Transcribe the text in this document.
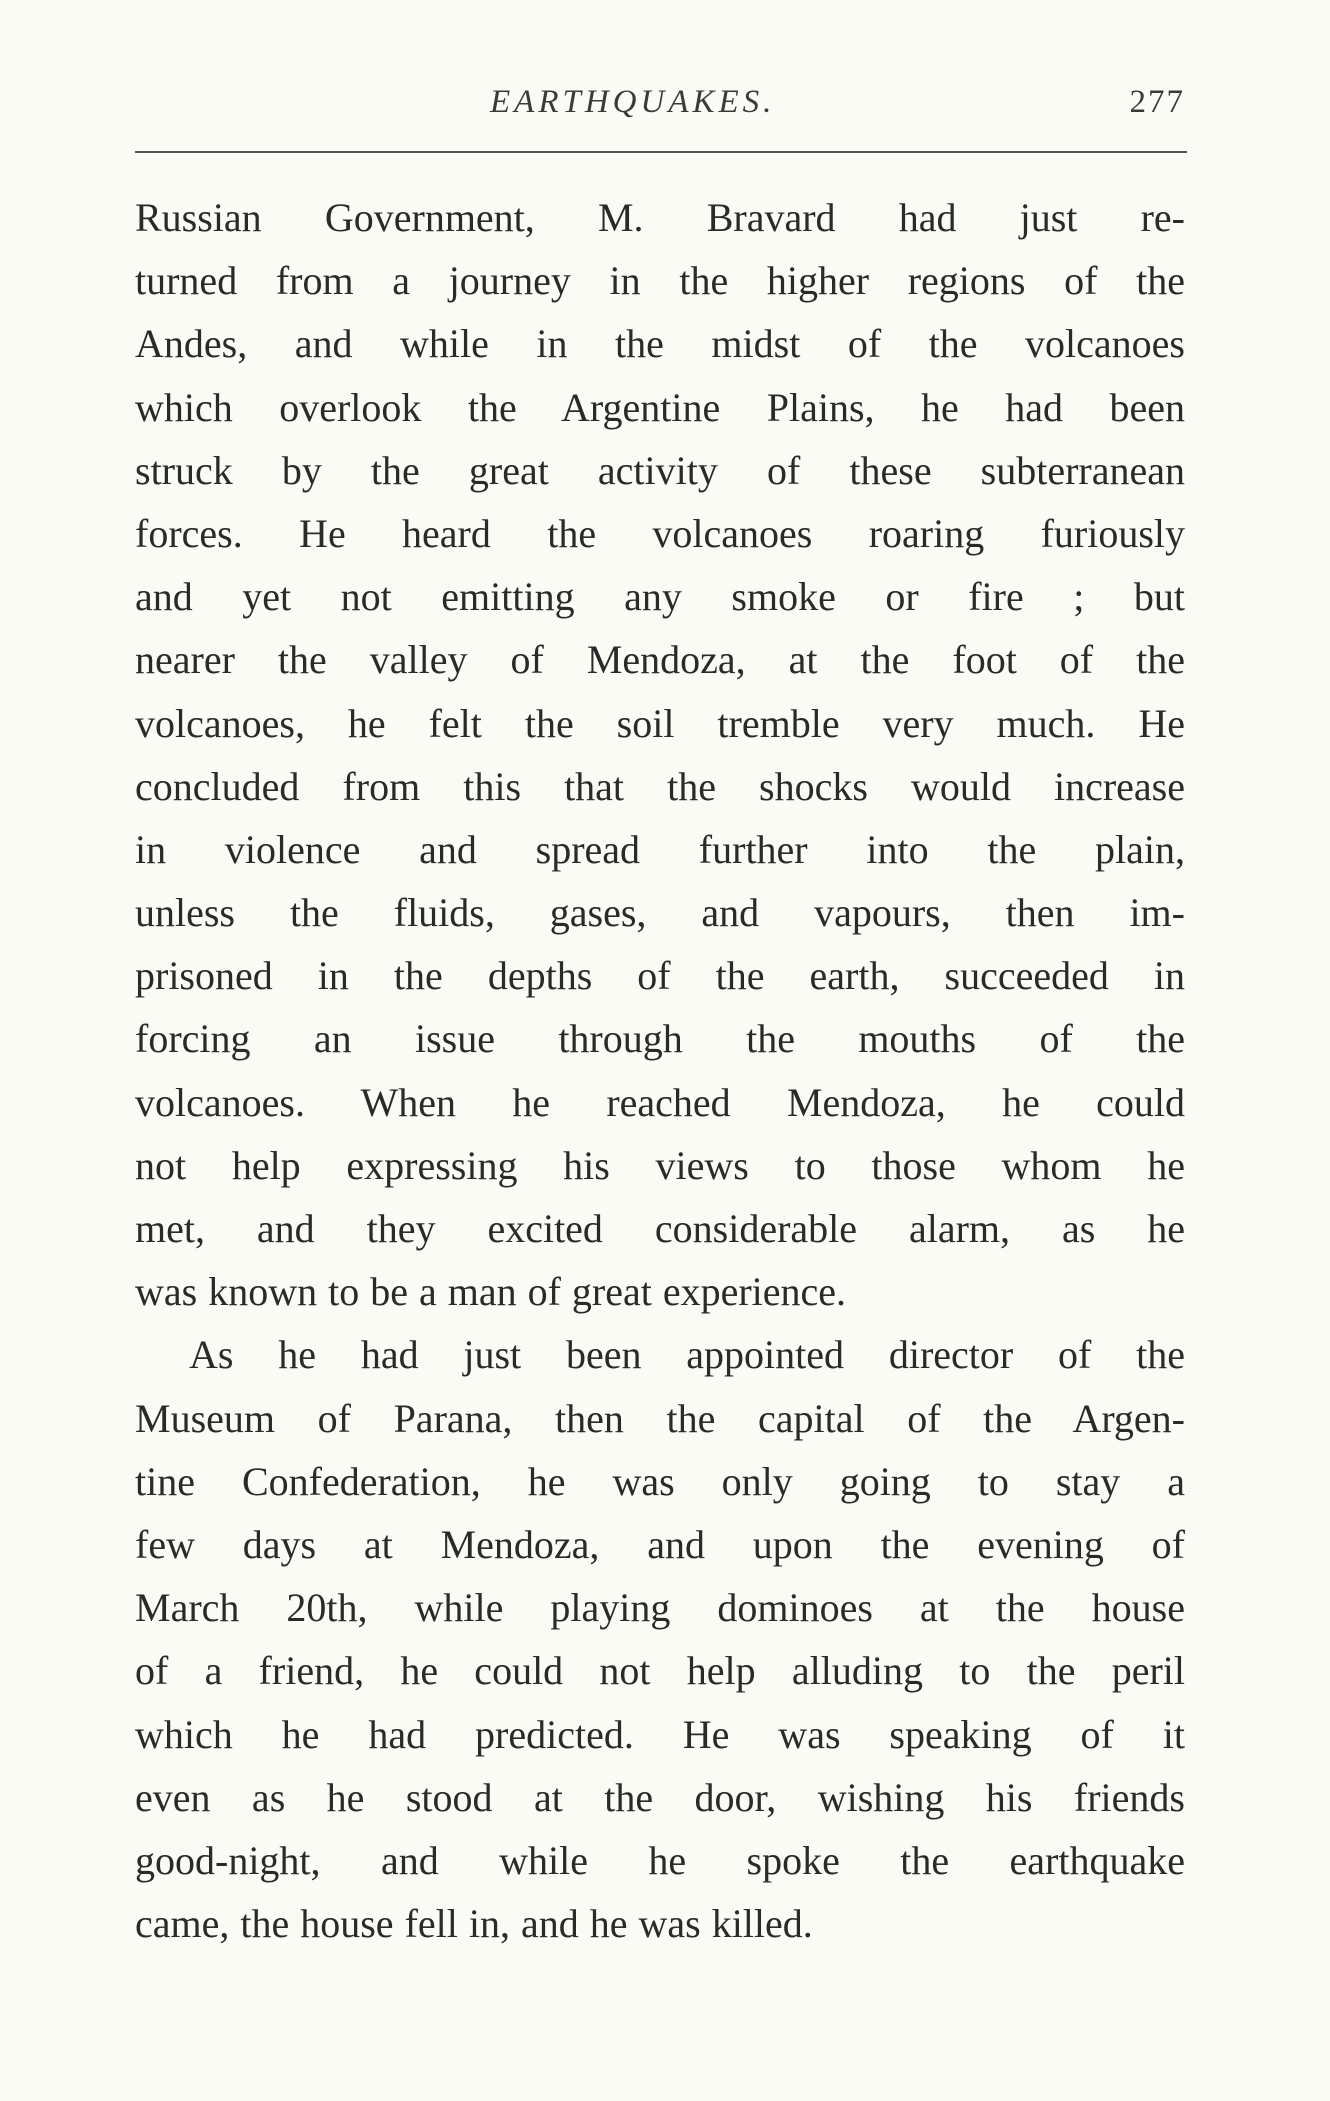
EARTHQUAKES.	277
Russian Government, M. Bravard had just re-
turned from a journey in the higher regions of the
Andes, and while in the midst of the volcanoes
which overlook the Argentine Plains, he had been
struck by the great activity of these subterranean
forces. He heard the volcanoes roaring furiously
and yet not emitting any smoke or fire ; but
nearer the valley of Mendoza, at the foot of the
volcanoes, he felt the soil tremble very much. He
concluded from this that the shocks would increase
in violence and spread further into the plain,
unless the fluids, gases, and vapours, then im-
prisoned in the depths of the earth, succeeded in
forcing an issue through the mouths of the
volcanoes. When he reached Mendoza, he could
not help expressing his views to those whom he
met, and they excited considerable alarm, as he
was known to be a man of great experience.
As he had just been appointed director of the
Museum of Parana, then the capital of the Argen-
tine Confederation, he was only going to stay a
few days at Mendoza, and upon the evening of
March 20th, while playing dominoes at the house
of a friend, he could not help alluding to the peril
which he had predicted. He was speaking of it
even as he stood at the door, wishing his friends
good-night, and while he spoke the earthquake
came, the house fell in, and he was killed.
